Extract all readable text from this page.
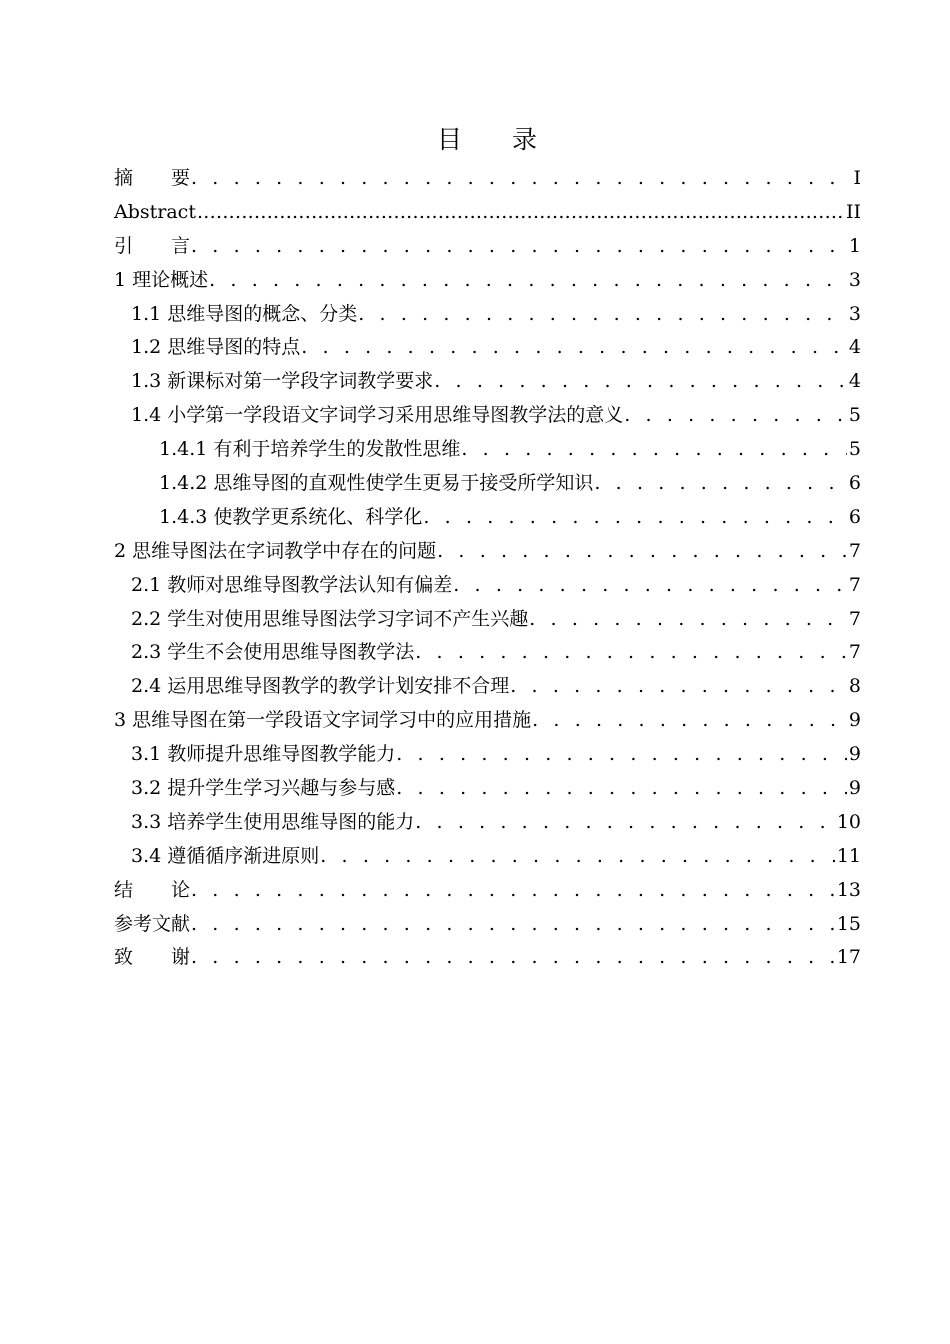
目　　录
摘　　要 . . .	I
Abstract .....	II
引　　言 . . .	1
1 理论概述 . . .	3
1.1 思维导图的概念、分类 . . .	3
1.2 思维导图的特点 . . .	4
1.3 新课标对第一学段字词教学要求 . . .	4
1.4 小学第一学段语文字词学习采用思维导图教学法的意义 . . .	5
1.4.1 有利于培养学生的发散性思维 . . .	5
1.4.2 思维导图的直观性使学生更易于接受所学知识 . . .	6
1.4.3 使教学更系统化、科学化 . . .	6
2 思维导图法在字词教学中存在的问题 . . .	7
2.1 教师对思维导图教学法认知有偏差 . . .	7
2.2 学生对使用思维导图法学习字词不产生兴趣 . . .	7
2.3 学生不会使用思维导图教学法 . . .	7
2.4 运用思维导图教学的教学计划安排不合理 . . .	8
3 思维导图在第一学段语文字词学习中的应用措施 . . .	9
3.1 教师提升思维导图教学能力 . . .	9
3.2 提升学生学习兴趣与参与感 . . .	9
3.3 培养学生使用思维导图的能力 . . .	10
3.4 遵循循序渐进原则 . . .	11
结　　论 . . .	13
参考文献 . . .	15
致　　谢 . . .	17
